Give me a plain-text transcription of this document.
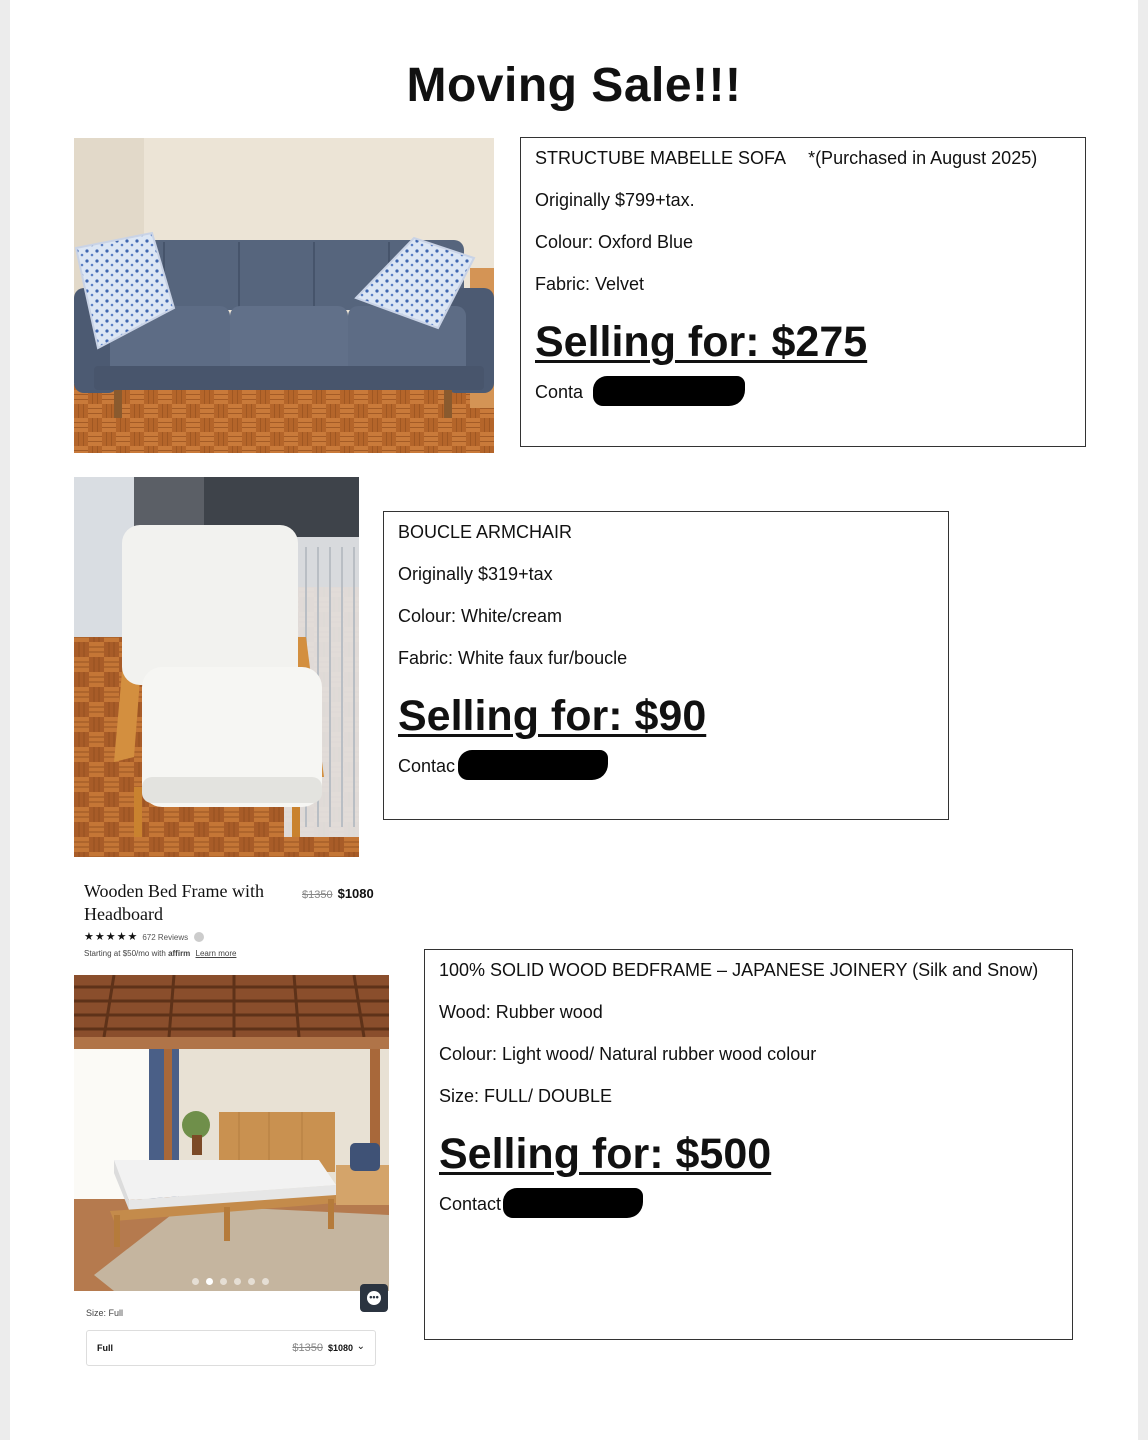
Moving Sale!!!
STRUCTUBE MABELLE SOFA *(Purchased in August 2025)
Originally $799+tax.
Colour: Oxford Blue
Fabric: Velvet
Selling for: $275
Conta
BOUCLE ARMCHAIR
Originally $319+tax
Colour: White/cream
Fabric: White faux fur/boucle
Selling for: $90
Contac
Wooden Bed Frame with Headboard
$1350 $1080
★★★★★ 672 Reviews
Starting at $50/mo with affirm Learn more
•••
Size: Full
Full	$1350 $1080 ⌄
100% SOLID WOOD BEDFRAME – JAPANESE JOINERY (Silk and Snow)
Wood: Rubber wood
Colour: Light wood/ Natural rubber wood colour
Size: FULL/ DOUBLE
Selling for: $500
Contact
